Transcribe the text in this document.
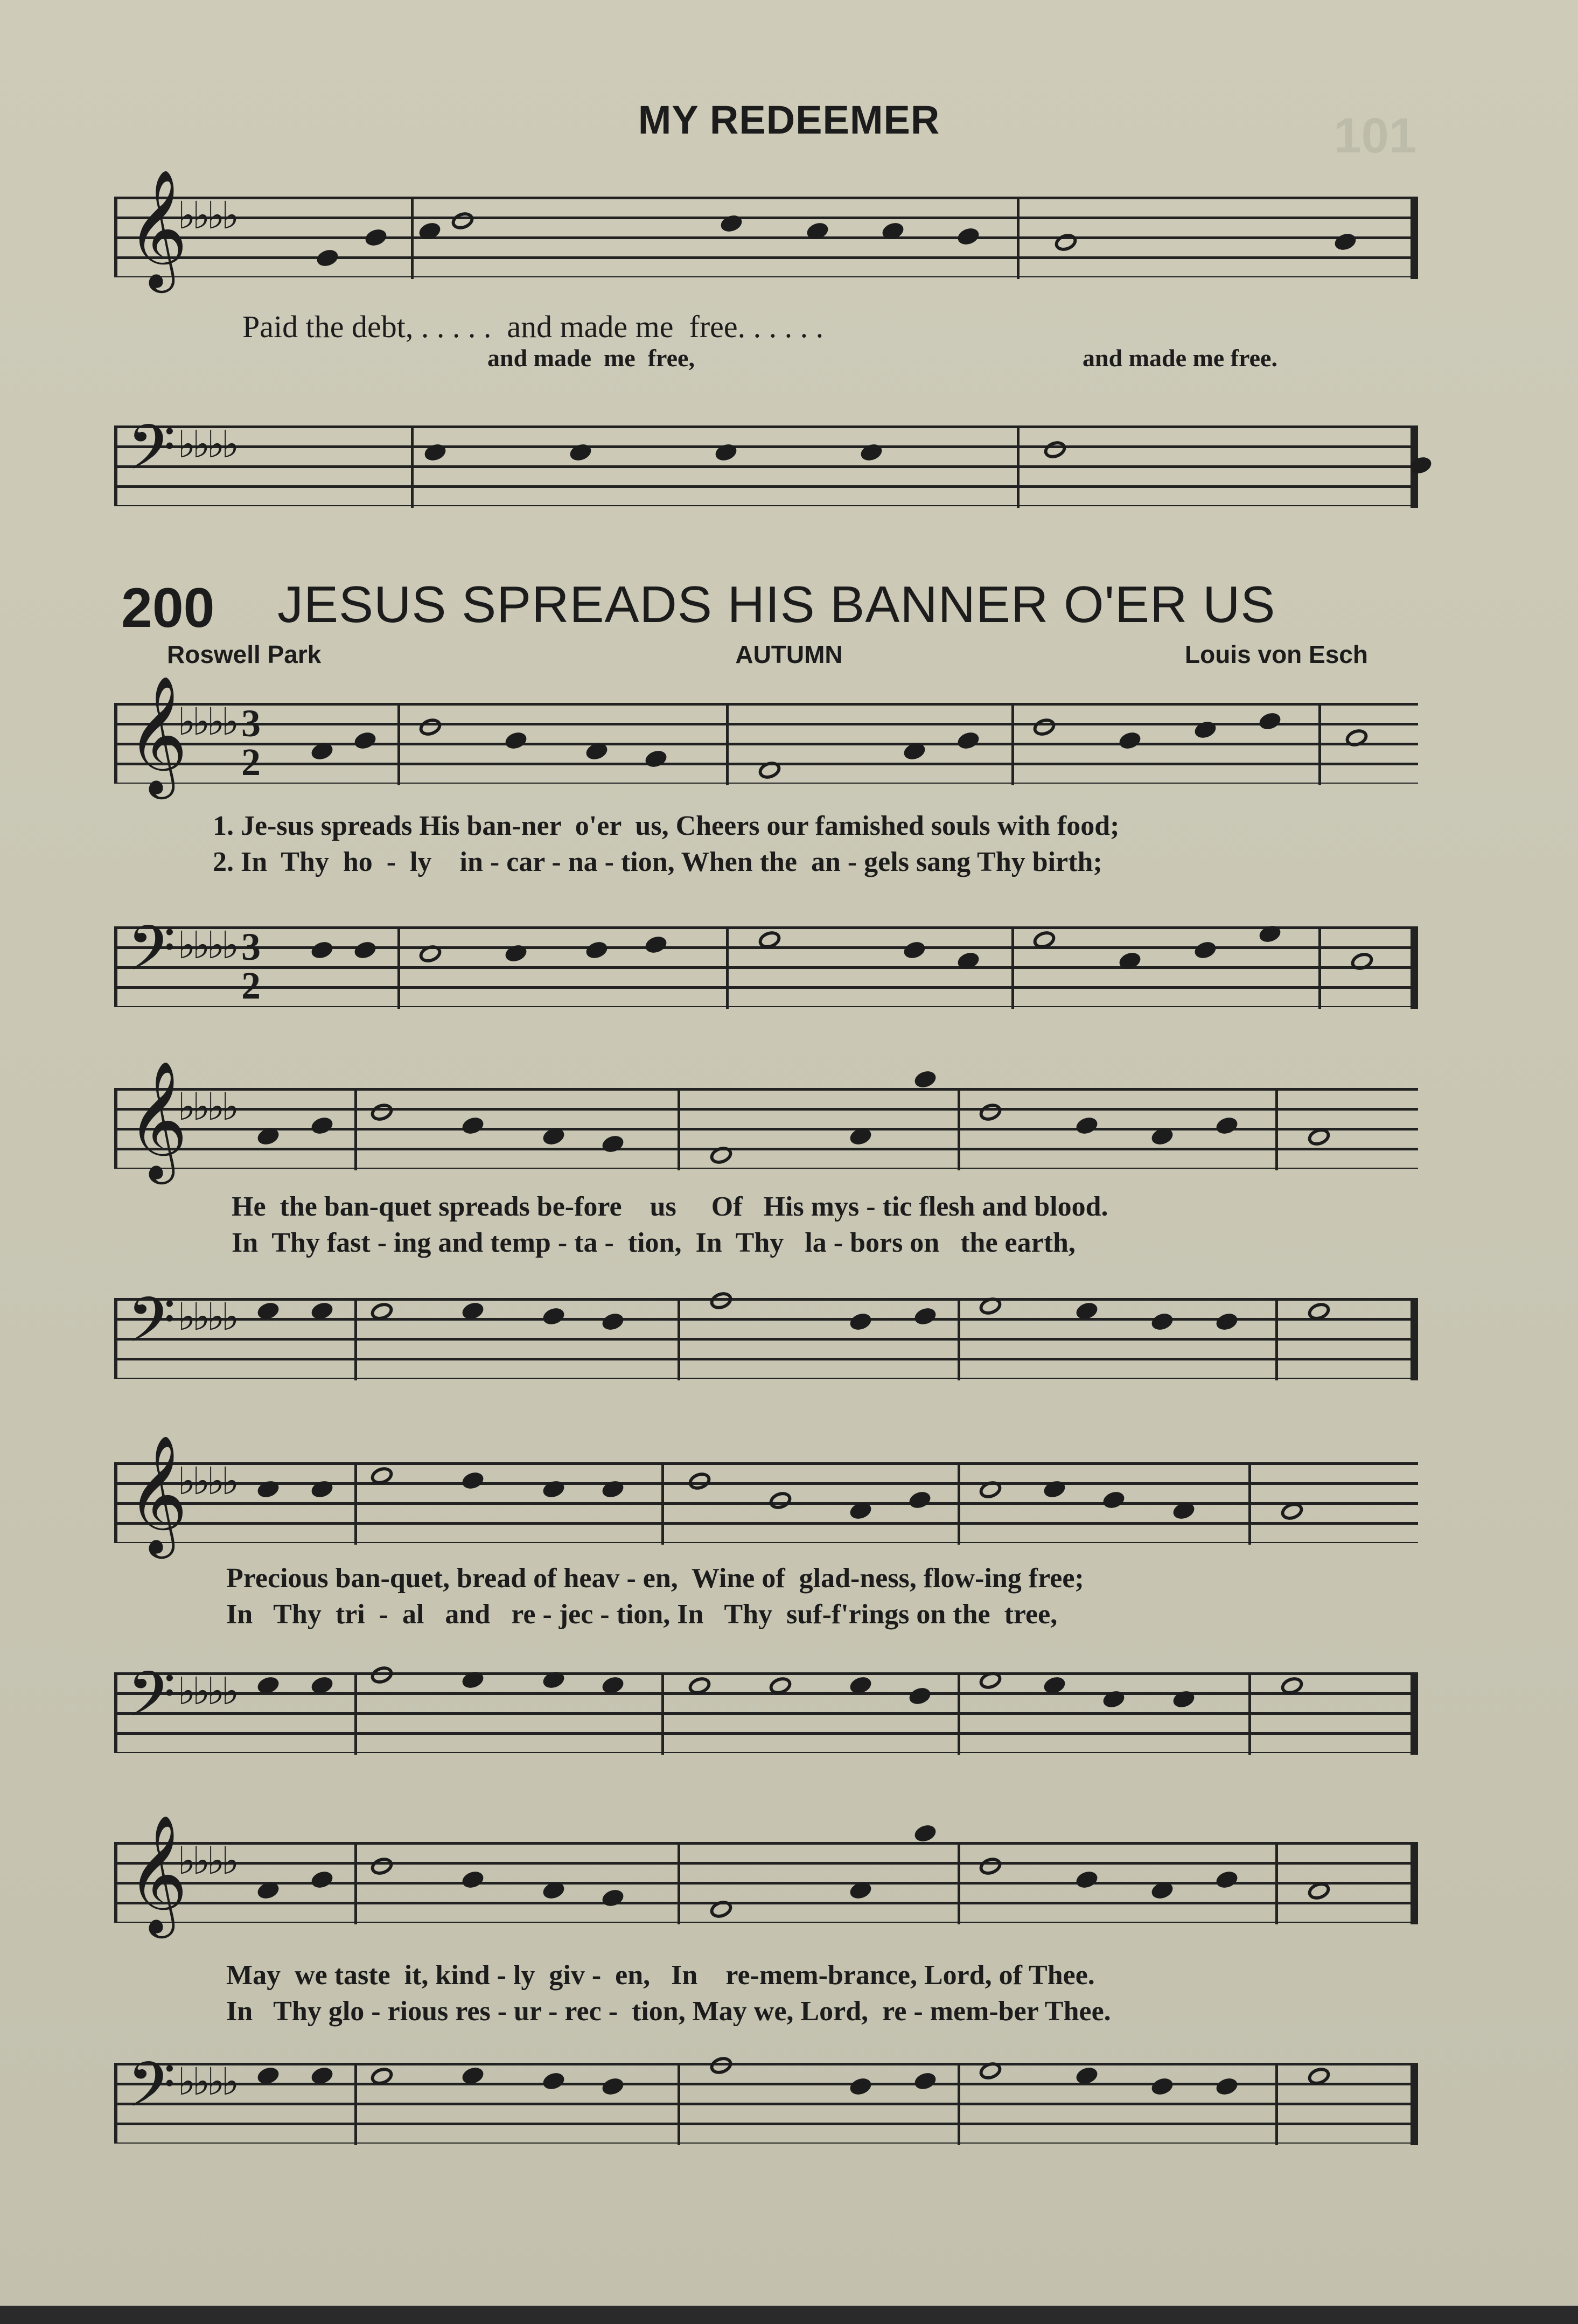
101
MY REDEEMER
𝄞
♭♭♭♭
Paid the debt, . . . . .  and made me  free. . . . . .
and made  me  free,	and made me free.
𝄢 ♭♭♭♭
200 JESUS SPREADS HIS BANNER O'ER US
Roswell Park	AUTUMN	Louis von Esch
𝄞
♭♭♭♭ 3
2
1. Je-sus spreads His ban-ner  o'er  us, Cheers our famished souls with food;
2. In  Thy  ho  -  ly    in - car - na - tion, When the  an - gels sang Thy birth;
𝄢 ♭♭♭♭ 3
2
𝄞
♭♭♭♭
He  the ban-quet spreads be-fore    us     Of   His mys - tic flesh and blood.
In  Thy fast - ing and temp - ta -  tion,  In  Thy   la - bors on   the earth,
𝄢 ♭♭♭♭
𝄞
♭♭♭♭
Precious ban-quet, bread of heav - en,  Wine of  glad-ness, flow-ing free;
In   Thy  tri  -  al   and   re - jec - tion, In   Thy  suf-f'rings on the  tree,
𝄢 ♭♭♭♭
𝄞
♭♭♭♭
May  we taste  it, kind - ly  giv -  en,   In    re-mem-brance, Lord, of Thee.
In   Thy glo - rious res - ur - rec -  tion, May we, Lord,  re - mem-ber Thee.
𝄢 ♭♭♭♭
